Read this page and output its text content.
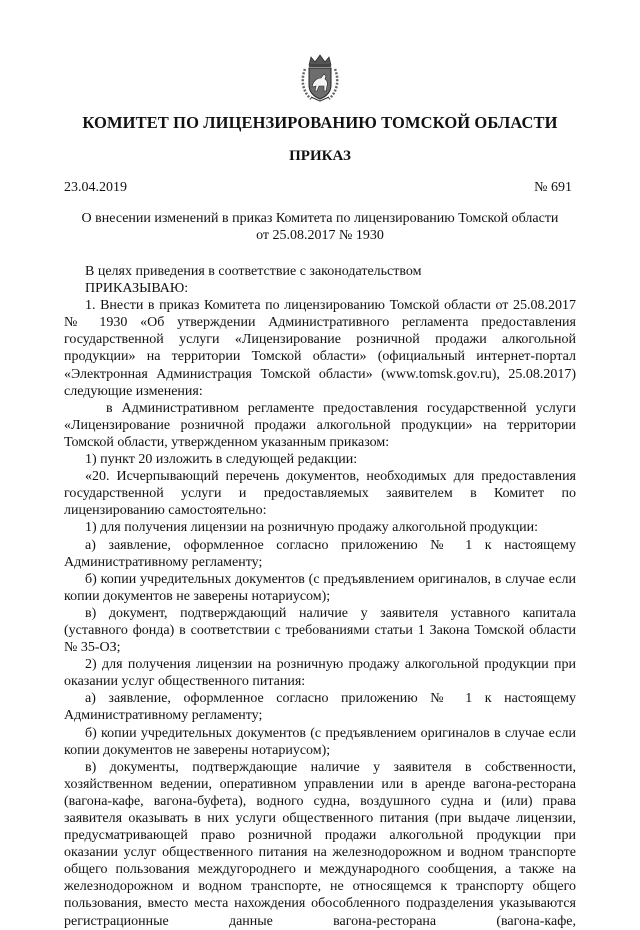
КОМИТЕТ ПО ЛИЦЕНЗИРОВАНИЮ ТОМСКОЙ ОБЛАСТИ
ПРИКАЗ
23.04.2019	№ 691
О внесении изменений в приказ Комитета по лицензированию Томской области
от 25.08.2017 № 1930

В целях приведения в соответствие с законодательством

ПРИКАЗЫВАЮ:

1. Внести в приказ Комитета по лицензированию Томской области от 25.08.2017 № 1930 «Об утверждении Административного регламента предоставления государственной услуги «Лицензирование розничной продажи алкогольной продукции» на территории Томской области» (официальный интернет-портал «Электронная Администрация Томской области» (www.tomsk.gov.ru), 25.08.2017) следующие изменения:

в Административном регламенте предоставления государственной услуги «Лицензирование розничной продажи алкогольной продукции» на территории Томской области, утвержденном указанным приказом:

1) пункт 20 изложить в следующей редакции:

«20. Исчерпывающий перечень документов, необходимых для предоставления государственной услуги и предоставляемых заявителем в Комитет по лицензированию самостоятельно:

1) для получения лицензии на розничную продажу алкогольной продукции:

а) заявление, оформленное согласно приложению № 1 к настоящему Административному регламенту;

б) копии учредительных документов (с предъявлением оригиналов, в случае если копии документов не заверены нотариусом);

в) документ, подтверждающий наличие у заявителя уставного капитала (уставного фонда) в соответствии с требованиями статьи 1 Закона Томской области № 35-ОЗ;

2) для получения лицензии на розничную продажу алкогольной продукции при оказании услуг общественного питания:

а) заявление, оформленное согласно приложению № 1 к настоящему Административному регламенту;

б) копии учредительных документов (с предъявлением оригиналов в случае если копии документов не заверены нотариусом);

в) документы, подтверждающие наличие у заявителя в собственности, хозяйственном ведении, оперативном управлении или в аренде вагона-ресторана (вагона-кафе, вагона-буфета), водного судна, воздушного судна и (или) права заявителя оказывать в них услуги общественного питания (при выдаче лицензии, предусматривающей право розничной продажи алкогольной продукции при оказании услуг общественного питания на железнодорожном и водном транспорте общего пользования междугороднего и международного сообщения, а также на железнодорожном и водном транспорте, не относящемся к транспорту общего пользования, вместо места нахождения обособленного подразделения указываются регистрационные данные вагона-ресторана (вагона-кафе,
